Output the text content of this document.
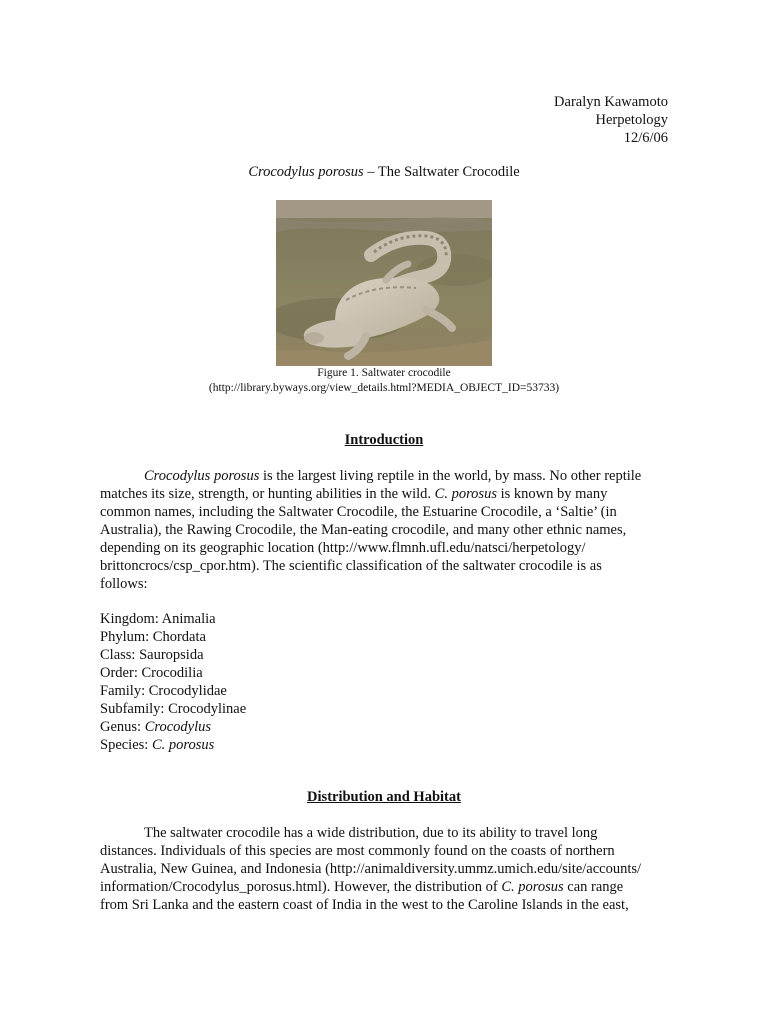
Daralyn Kawamoto
Herpetology
12/6/06
Crocodylus porosus – The Saltwater Crocodile
Figure 1. Saltwater crocodile
(http://library.byways.org/view_details.html?MEDIA_OBJECT_ID=53733)
Introduction
Crocodylus porosus is the largest living reptile in the world, by mass. No other reptile
matches its size, strength, or hunting abilities in the wild. C. porosus is known by many
common names, including the Saltwater Crocodile, the Estuarine Crocodile, a ‘Saltie’ (in
Australia), the Rawing Crocodile, the Man-eating crocodile, and many other ethnic names,
depending on its geographic location (http://www.flmnh.ufl.edu/natsci/herpetology/
brittoncrocs/csp_cpor.htm). The scientific classification of the saltwater crocodile is as
follows:
Kingdom: Animalia
Phylum: Chordata
Class: Sauropsida
Order: Crocodilia
Family: Crocodylidae
Subfamily: Crocodylinae
Genus: Crocodylus
Species: C. porosus
Distribution and Habitat
The saltwater crocodile has a wide distribution, due to its ability to travel long
distances. Individuals of this species are most commonly found on the coasts of northern
Australia, New Guinea, and Indonesia (http://animaldiversity.ummz.umich.edu/site/accounts/
information/Crocodylus_porosus.html). However, the distribution of C. porosus can range
from Sri Lanka and the eastern coast of India in the west to the Caroline Islands in the east,
